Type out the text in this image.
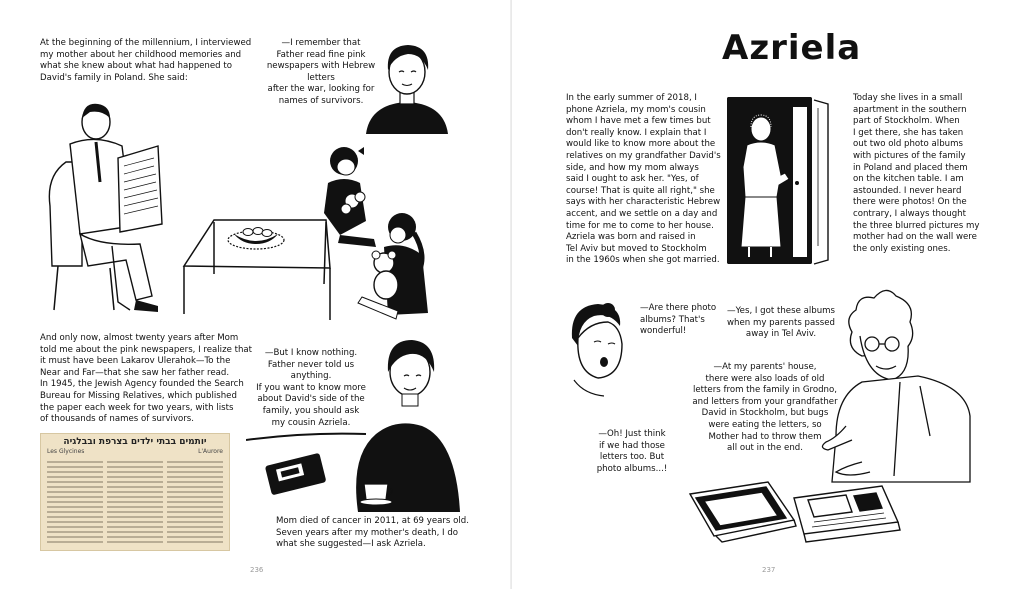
At the beginning of the millennium, I interviewed
my mother about her childhood memories and
what she knew about what had happened to
David's family in Poland. She said:
—I remember that
Father read fine pink
newspapers with Hebrew letters
after the war, looking for
names of survivors.
And only now, almost twenty years after Mom
told me about the pink newspapers, I realize that
it must have been Lakarov Ulerahok—To the
Near and Far—that she saw her father read.
In 1945, the Jewish Agency founded the Search
Bureau for Missing Relatives, which published
the paper each week for two years, with lists
of thousands of names of survivors.
—But I know nothing.
Father never told us anything.
If you want to know more
about David's side of the
family, you should ask
my cousin Azriela.
יותמים בבתי ילדים בצרפת ובבלגיה
Les Glycines	L'Aurore
Mom died of cancer in 2011, at 69 years old.
Seven years after my mother's death, I do
what she suggested—I ask Azriela.
236
Azriela
In the early summer of 2018, I
phone Azriela, my mom's cousin
whom I have met a few times but
don't really know. I explain that I
would like to know more about the
relatives on my grandfather David's
side, and how my mom always
said I ought to ask her. "Yes, of
course! That is quite all right," she
says with her characteristic Hebrew
accent, and we settle on a day and
time for me to come to her house.
Azriela was born and raised in
Tel Aviv but moved to Stockholm
in the 1960s when she got married.
Today she lives in a small
apartment in the southern
part of Stockholm. When
I get there, she has taken
out two old photo albums
with pictures of the family
in Poland and placed them
on the kitchen table. I am
astounded. I never heard
there were photos! On the
contrary, I always thought
the three blurred pictures my
mother had on the wall were
the only existing ones.
—Are there photo
albums? That's
wonderful!
—Yes, I got these albums
when my parents passed
away in Tel Aviv.
—At my parents' house,
there were also loads of old
letters from the family in Grodno,
and letters from your grandfather
David in Stockholm, but bugs
were eating the letters, so
Mother had to throw them
all out in the end.
—Oh! Just think
if we had those
letters too. But
photo albums...!
237
